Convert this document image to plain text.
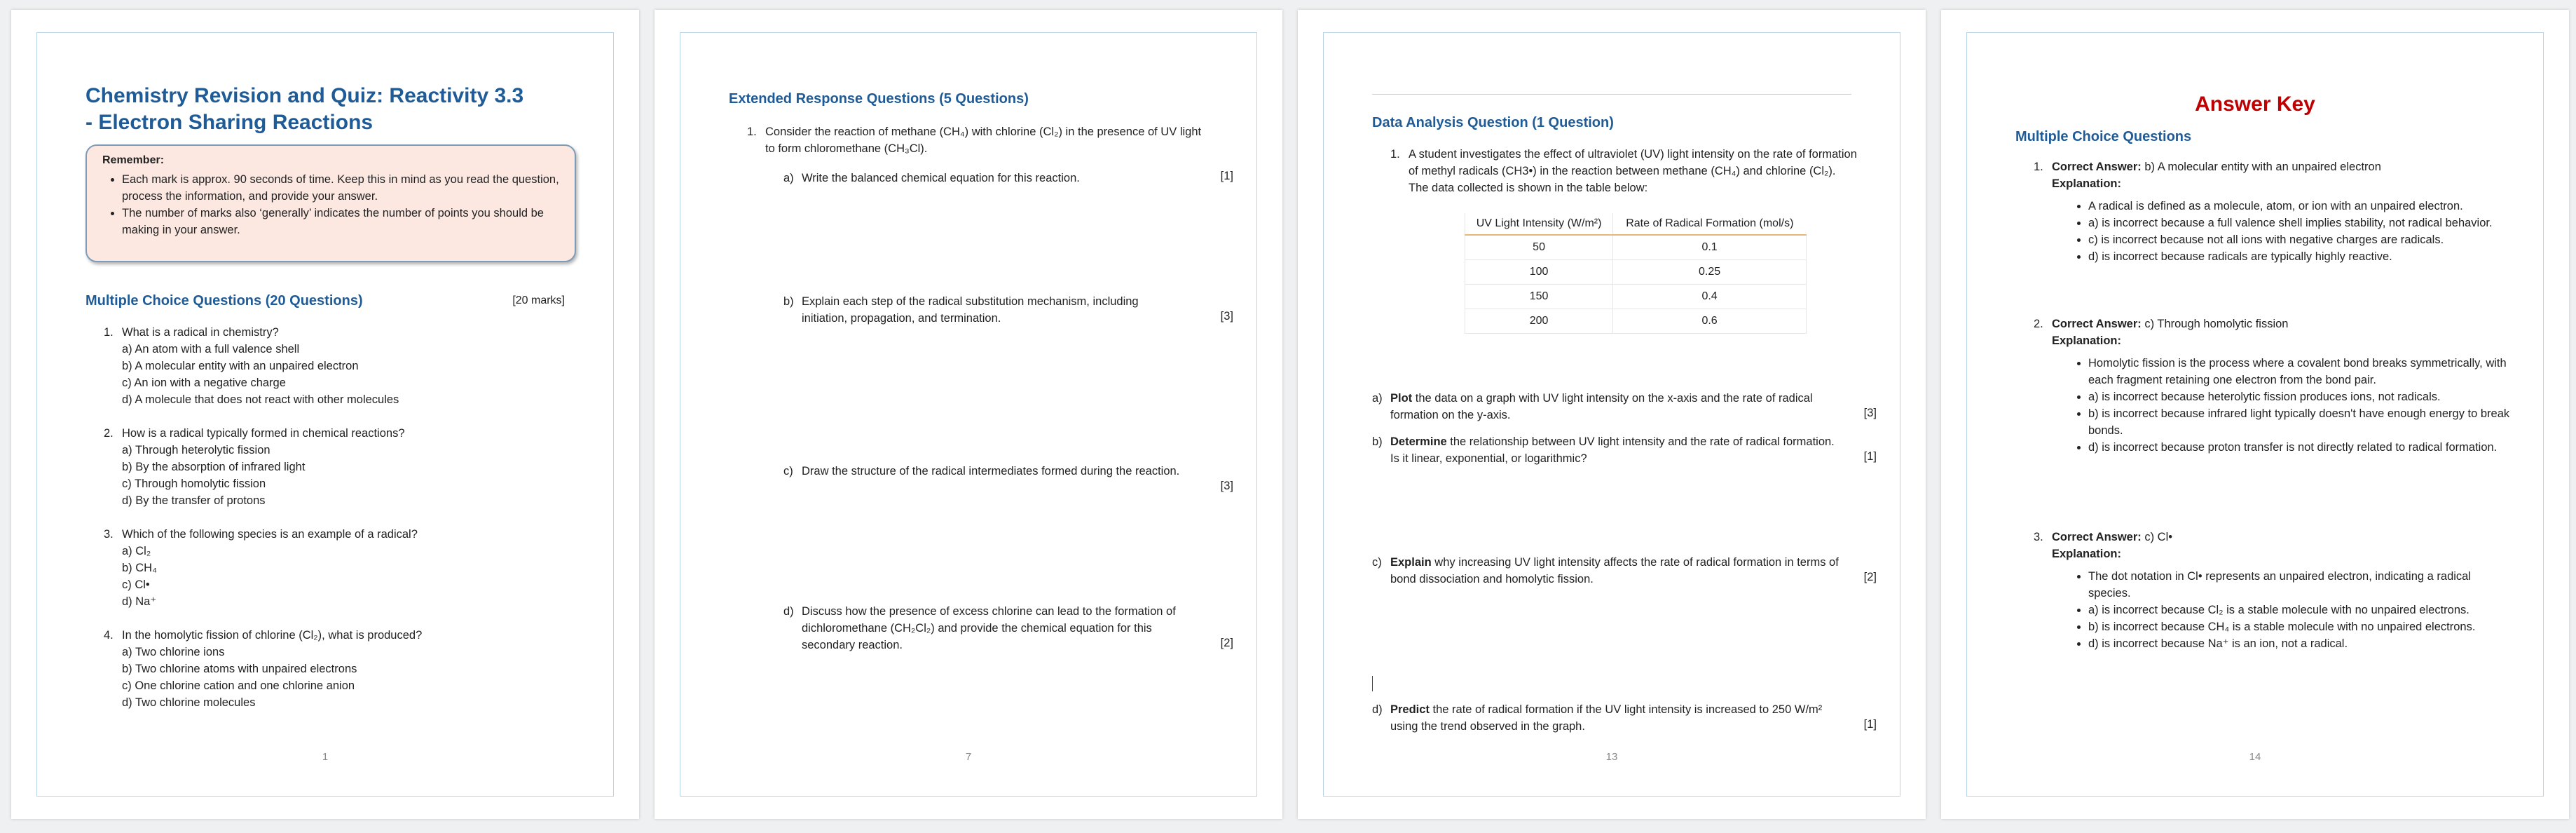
Chemistry Revision and Quiz: Reactivity 3.3 - Electron Sharing Reactions
Remember:
• Each mark is approx. 90 seconds of time. Keep this in mind as you read the question, process the information, and provide your answer.
• The number of marks also ‘generally’ indicates the number of points you should be making in your answer.
Multiple Choice Questions (20 Questions)	[20 marks]
1. What is a radical in chemistry?
a) An atom with a full valence shell
b) A molecular entity with an unpaired electron
c) An ion with a negative charge
d) A molecule that does not react with other molecules
2. How is a radical typically formed in chemical reactions?
a) Through heterolytic fission
b) By the absorption of infrared light
c) Through homolytic fission
d) By the transfer of protons
3. Which of the following species is an example of a radical?
a) Cl₂
b) CH₄
c) Cl•
d) Na⁺
4. In the homolytic fission of chlorine (Cl₂), what is produced?
a) Two chlorine ions
b) Two chlorine atoms with unpaired electrons
c) One chlorine cation and one chlorine anion
d) Two chlorine molecules
1
Extended Response Questions (5 Questions)
1. Consider the reaction of methane (CH₄) with chlorine (Cl₂) in the presence of UV light to form chloromethane (CH₃Cl).
a) Write the balanced chemical equation for this reaction.	[1]
b) Explain each step of the radical substitution mechanism, including initiation, propagation, and termination.	[3]
c) Draw the structure of the radical intermediates formed during the reaction.
[3]
d) Discuss how the presence of excess chlorine can lead to the formation of dichloromethane (CH₂Cl₂) and provide the chemical equation for this secondary reaction.	[2]
7
Data Analysis Question (1 Question)
1. A student investigates the effect of ultraviolet (UV) light intensity on the rate of formation of methyl radicals (CH3•) in the reaction between methane (CH₄) and chlorine (Cl₂). The data collected is shown in the table below:
UV Light Intensity (W/m²)	Rate of Radical Formation (mol/s)
50	0.1
100	0.25
150	0.4
200	0.6
a) Plot the data on a graph with UV light intensity on the x-axis and the rate of radical formation on the y-axis.	[3]
b) Determine the relationship between UV light intensity and the rate of radical formation. Is it linear, exponential, or logarithmic?	[1]
c) Explain why increasing UV light intensity affects the rate of radical formation in terms of bond dissociation and homolytic fission.	[2]
d) Predict the rate of radical formation if the UV light intensity is increased to 250 W/m² using the trend observed in the graph.	[1]
13
Answer Key
Multiple Choice Questions
1. Correct Answer: b) A molecular entity with an unpaired electron
Explanation:
• A radical is defined as a molecule, atom, or ion with an unpaired electron.
• a) is incorrect because a full valence shell implies stability, not radical behavior.
• c) is incorrect because not all ions with negative charges are radicals.
• d) is incorrect because radicals are typically highly reactive.
2. Correct Answer: c) Through homolytic fission
Explanation:
• Homolytic fission is the process where a covalent bond breaks symmetrically, with each fragment retaining one electron from the bond pair.
• a) is incorrect because heterolytic fission produces ions, not radicals.
• b) is incorrect because infrared light typically doesn't have enough energy to break bonds.
• d) is incorrect because proton transfer is not directly related to radical formation.
3. Correct Answer: c) Cl•
Explanation:
• The dot notation in Cl• represents an unpaired electron, indicating a radical species.
• a) is incorrect because Cl₂ is a stable molecule with no unpaired electrons.
• b) is incorrect because CH₄ is a stable molecule with no unpaired electrons.
• d) is incorrect because Na⁺ is an ion, not a radical.
14
